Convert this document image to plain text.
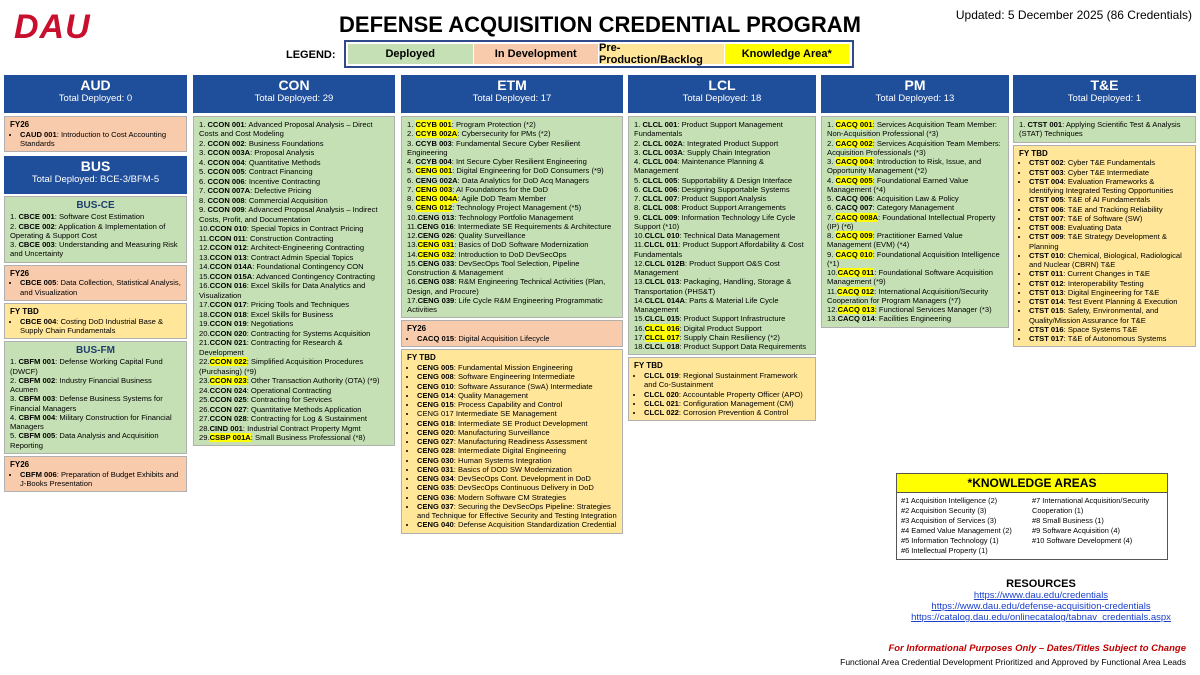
DAU	DEFENSE ACQUISITION CREDENTIAL PROGRAM	Updated: 5 December 2025 (86 Credentials)
LEGEND:	Deployed	In Development	Pre-Production/Backlog	Knowledge Area*
AUD
Total Deployed: 0
FY26
• CAUD 001: Introduction to Cost Accounting Standards
BUS
Total Deployed: BCE-3/BFM-5
BUS-CE
1. CBCE 001: Software Cost Estimation
2. CBCE 002: Application & Implementation of Operating & Support Cost
3. CBCE 003: Understanding and Measuring Risk and Uncertainty
FY26
• CBCE 005: Data Collection, Statistical Analysis, and Visualization
FY TBD
• CBCE 004: Costing DoD Industrial Base & Supply Chain Fundamentals
BUS-FM
1. CBFM 001: Defense Working Capital Fund (DWCF)
2. CBFM 002: Industry Financial Business Acumen
3. CBFM 003: Defense Business Systems for Financial Managers
4. CBFM 004: Military Construction for Financial Managers
5. CBFM 005: Data Analysis and Acquisition Reporting
FY26
• CBFM 006: Preparation of Budget Exhibits and J-Books Presentation
CON
Total Deployed: 29
1. CCON 001: Advanced Proposal Analysis – Direct Costs and Cost Modeling
2. CCON 002: Business Foundations
3. CCON 003A: Proposal Analysis
4. CCON 004: Quantitative Methods
5. CCON 005: Contract Financing
6. CCON 006: Incentive Contracting
7. CCON 007A: Defective Pricing
8. CCON 008: Commercial Acquisition
9. CCON 009: Advanced Proposal Analysis – Indirect Costs, Profit, and Documentation
10.CCON 010: Special Topics in Contract Pricing
11.CCON 011: Construction Contracting
12.CCON 012: Architect-Engineering Contracting
13.CCON 013: Contract Admin Special Topics
14.CCON 014A: Foundational Contingency CON
15.CCON 015A: Advanced Contingency Contracting
16.CCON 016: Excel Skills for Data Analytics and Visualization
17.CCON 017: Pricing Tools and Techniques
18.CCON 018: Excel Skills for Business
19.CCON 019: Negotiations
20.CCON 020: Contracting for Systems Acquisition
21.CCON 021: Contracting for Research & Development
22.CCON 022: Simplified Acquisition Procedures (Purchasing) (*9)
23.CCON 023: Other Transaction Authority (OTA) (*9)
24.CCON 024: Operational Contracting
25.CCON 025: Contracting for Services
26.CCON 027: Quantitative Methods Application
27.CCON 028: Contracting for Log & Sustainment
28.CIND 001: Industrial Contract Property Mgmt
29.CSBP 001A: Small Business Professional (*8)
ETM
Total Deployed: 17
1. CCYB 001: Program Protection (*2)
2. CCYB 002A: Cybersecurity for PMs (*2)
3. CCYB 003: Fundamental Secure Cyber Resilient Engineering
4. CCYB 004: Int Secure Cyber Resilient Engineering
5. CENG 001: Digital Engineering for DoD Consumers (*9)
6. CENG 002A: Data Analytics for DoD Acq Managers
7. CENG 003: AI Foundations for the DoD
8. CENG 004A: Agile DoD Team Member
9. CENG 012: Technology Project Management (*5)
10.CENG 013: Technology Portfolio Management
11.CENG 016: Intermediate SE Requirements & Architecture
12.CENG 026: Quality Surveillance
13.CENG 031: Basics of DoD Software Modernization
14.CENG 032: Introduction to DoD DevSecOps
15.CENG 033: DevSecOps Tool Selection, Pipeline Construction & Management
16.CENG 038: R&M Engineering Technical Activities (Plan, Design, and Procure)
17.CENG 039: Life Cycle R&M Engineering Programmatic Activities
FY26
• CACQ 015: Digital Acquisition Lifecycle
FY TBD
• CENG 005: Fundamental Mission Engineering
• CENG 008: Software Engineering Intermediate
• CENG 010: Software Assurance (SwA) Intermediate
• CENG 014: Quality Management
• CENG 015: Process Capability and Control
• CENG 017 Intermediate SE Management
• CENG 018: Intermediate SE Product Development
• CENG 020: Manufacturing Surveillance
• CENG 027: Manufacturing Readiness Assessment
• CENG 028: Intermediate Digital Engineering
• CENG 030: Human Systems Integration
• CENG 031: Basics of DOD SW Modernization
• CENG 034: DevSecOps Cont. Development in DoD
• CENG 035: DevSecOps Continuous Delivery in DoD
• CENG 036: Modern Software CM Strategies
• CENG 037: Securing the DevSecOps Pipeline: Strategies and Technique for Effective Security and Testing Integration
• CENG 040: Defense Acquisition Standardization Credential
LCL
Total Deployed: 18
1. CLCL 001: Product Support Management Fundamentals
2. CLCL 002A: Integrated Product Support
3. CLCL 003A: Supply Chain Integration
4. CLCL 004: Maintenance Planning & Management
5. CLCL 005: Supportability & Design Interface
6. CLCL 006: Designing Supportable Systems
7. CLCL 007: Product Support Analysis
8. CLCL 008: Product Support Arrangements
9. CLCL 009: Information Technology Life Cycle Support (*10)
10.CLCL 010: Technical Data Management
11.CLCL 011: Product Support Affordability & Cost Fundamentals
12.CLCL 012B: Product Support O&S Cost Management
13.CLCL 013: Packaging, Handling, Storage & Transportation (PHS&T)
14.CLCL 014A: Parts & Material Life Cycle Management
15.CLCL 015: Product Support Infrastructure
16.CLCL 016: Digital Product Support
17.CLCL 017: Supply Chain Resiliency (*2)
18.CLCL 018: Product Support Data Requirements
FY TBD
• CLCL 019: Regional Sustainment Framework and Co-Sustainment
• CLCL 020: Accountable Property Officer (APO)
• CLCL 021: Configuration Management (CM)
• CLCL 022: Corrosion Prevention & Control
PM
Total Deployed: 13
1. CACQ 001: Services Acquisition Team Member: Non-Acquisition Professional (*3)
2. CACQ 002: Services Acquisition Team Members: Acquisition Professionals (*3)
3. CACQ 004: Introduction to Risk, Issue, and Opportunity Management (*2)
4. CACQ 005: Foundational Earned Value Management (*4)
5. CACQ 006: Acquisition Law & Policy
6. CACQ 007: Category Management
7. CACQ 008A: Foundational Intellectual Property (IP) (*6)
8. CACQ 009: Practitioner Earned Value Management (EVM) (*4)
9. CACQ 010: Foundational Acquisition Intelligence (*1)
10.CACQ 011: Foundational Software Acquisition Management (*9)
11.CACQ 012: International Acquisition/Security Cooperation for Program Managers (*7)
12.CACQ 013: Functional Services Manager (*3)
13.CACQ 014: Facilities Engineering
T&E
Total Deployed: 1
1. CTST 001: Applying Scientific Test & Analysis (STAT) Techniques
FY TBD
• CTST 002: Cyber T&E Fundamentals
• CTST 003: Cyber T&E Intermediate
• CTST 004: Evaluation Frameworks & Identifying Integrated Testing Opportunities
• CTST 005: T&E of AI Fundamentals
• CTST 006: T&E and Tracking Reliability
• CTST 007: T&E of Software (SW)
• CTST 008: Evaluating Data
• CTST 009: T&E Strategy Development & Planning
• CTST 010: Chemical, Biological, Radiological and Nuclear (CBRN) T&E
• CTST 011: Current Changes in T&E
• CTST 012: Interoperability Testing
• CTST 013: Digital Engineering for T&E
• CTST 014: Test Event Planning & Execution
• CTST 015: Safety, Environmental, and Quality/Mission Assurance for T&E
• CTST 016: Space Systems T&E
• CTST 017: T&E of Autonomous Systems
*KNOWLEDGE AREAS
#1 Acquisition Intelligence (2)
#2 Acquisition Security (3)
#3 Acquisition of Services (3)
#4 Earned Value Management (2)
#5 Information Technology (1)
#6 Intellectual Property (1)
#7 International Acquisition/Security Cooperation (1)
#8 Small Business (1)
#9 Software Acquisition (4)
#10 Software Development (4)
RESOURCES
https://www.dau.edu/credentials
https://www.dau.edu/defense-acquisition-credentials
https://catalog.dau.edu/onlinecatalog/tabnav_credentials.aspx
For Informational Purposes Only – Dates/Titles Subject to Change
Functional Area Credential Development Prioritized and Approved by Functional Area Leads
